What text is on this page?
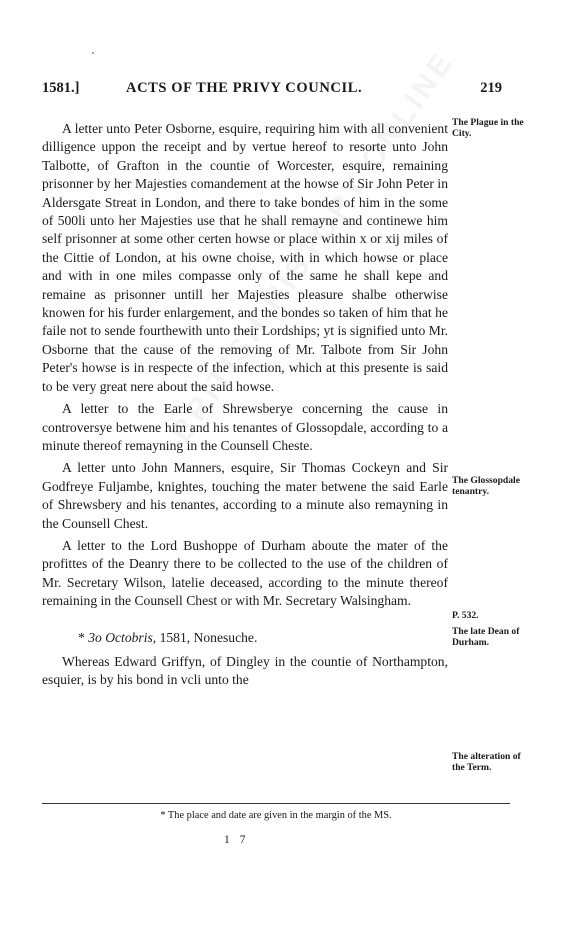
1581.]	ACTS OF THE PRIVY COUNCIL.	219

A letter unto Peter Osborne, esquire, requiring him with all convenient dilligence uppon the receipt and by vertue hereof to resorte unto John Talbotte, of Grafton in the countie of Worcester, esquire, remaining prisonner by her Majesties comandement at the howse of Sir John Peter in Aldersgate Streat in London, and there to take bondes of him in the some of 500li unto her Majesties use that he shall remayne and continewe him self prisonner at some other certen howse or place within x or xij miles of the Cittie of London, at his owne choise, with in which howse or place and with in one miles compasse only of the same he shall kepe and remaine as prisonner untill her Majesties pleasure shalbe otherwise knowen for his furder enlargement, and the bondes so taken of him that he faile not to sende fourthewith unto their Lordships; yt is signified unto Mr. Osborne that the cause of the removing of Mr. Talbote from Sir John Peter's howse is in respecte of the infection, which at this presente is said to be very great nere about the said howse.

A letter to the Earle of Shrewsberye concerning the cause in controversye betwene him and his tenantes of Glossopdale, according to a minute thereof remayning in the Counsell Cheste.

A letter unto John Manners, esquire, Sir Thomas Cockeyn and Sir Godfreye Fuljambe, knightes, touching the mater betwene the said Earle of Shrewsbery and his tenantes, according to a minute also remayning in the Counsell Chest.

A letter to the Lord Bushoppe of Durham aboute the mater of the profittes of the Deanry there to be collected to the use of the children of Mr. Secretary Wilson, latelie deceased, according to the minute thereof remaining in the Counsell Chest or with Mr. Secretary Walsingham.

* 3o Octobris, 1581, Nonesuche.

Whereas Edward Griffyn, of Dingley in the countie of Northampton, esquier, is by his bond in vcli unto the

The Plague in the City.
The Glossopdale tenantry.
P. 532.
The late Dean of Durham.
The alteration of the Term.
* The place and date are given in the margin of the MS.
17
